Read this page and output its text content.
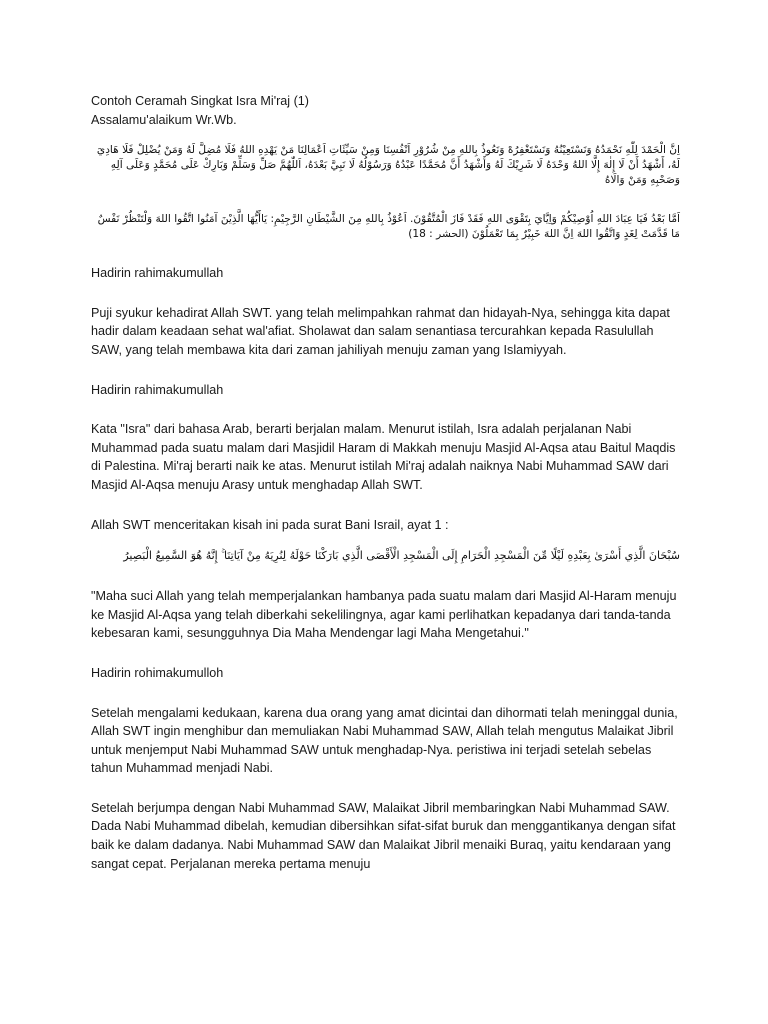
Contoh Ceramah Singkat Isra Mi'raj (1)

Assalamu'alaikum Wr.Wb.

اِنَّ الْحَمْدَ لِلّٰهِ نَحْمَدُهُ وَنَسْتَعِيْنُهُ وَنَسْتَغْفِرُهْ وَنَعُوذُ بِاللهِ مِنْ شُرُوْرِ اَنْفُسِنَا وَمِنْ سَيِّئَاتِ اَعْمَالِنَا مَنْ يَهْدِهِ اللهُ فَلَا مُضِلَّ لَهُ وَمَنْ يُضْلِلْ فَلَا هَادِيَ لَهُ، أَشْهَدُ أَنْ لَا إِلٰهَ إِلَّا اللهُ وَحْدَهُ لَا شَرِيْكَ لَهُ وَأَشْهَدُ أَنَّ مُحَمَّدًا عَبْدُهُ وَرَسُوْلُهُ لَا نَبِيَّ بَعْدَهُ، اَللّٰهُمَّ صَلِّ وَسَلِّمْ وَبَارِكْ عَلَى مُحَمَّدٍ وَعَلَى آلِهِ وَصَحْبِهِ وَمَنْ وَالَاهُ

اَمَّا بَعْدُ فَيَا عِبَادَ اللهِ اُوْصِيْكُمْ وَاِيَّايَ بِتَقْوَى اللهِ فَقَدْ فَازَ الْمُتَّقُوْنَ. اَعُوْذُ بِاللهِ مِنَ الشَّيْطَانِ الرَّجِيْمِ: يَاأَيُّهَا الَّذِيْنَ آمَنُوا اتَّقُوا اللهَ وَلْتَنْظُرْ نَفْسٌ مَا قَدَّمَتْ لِغَدٍ وَاتَّقُوا اللهَ اِنَّ اللهَ خَبِيْرٌ بِمَا تَعْمَلُوْنَ (الحشر : 18)

Hadirin rahimakumullah

Puji syukur kehadirat Allah SWT. yang telah melimpahkan rahmat dan hidayah-Nya, sehingga kita dapat hadir dalam keadaan sehat wal'afiat. Sholawat dan salam senantiasa tercurahkan kepada Rasulullah SAW, yang telah membawa kita dari zaman jahiliyah menuju zaman yang Islamiyyah.

Hadirin rahimakumullah

Kata "Isra" dari bahasa Arab, berarti berjalan malam. Menurut istilah, Isra adalah perjalanan Nabi Muhammad pada suatu malam dari Masjidil Haram di Makkah menuju Masjid Al-Aqsa atau Baitul Maqdis di Palestina. Mi'raj berarti naik ke atas. Menurut istilah Mi'raj adalah naiknya Nabi Muhammad SAW dari Masjid Al-Aqsa menuju Arasy untuk menghadap Allah SWT.

Allah SWT menceritakan kisah ini pada surat Bani Israil, ayat 1 :

سُبْحَانَ الَّذِي أَسْرَىٰ بِعَبْدِهِ لَيْلًا مِّنَ الْمَسْجِدِ الْحَرَامِ إِلَى الْمَسْجِدِ الْأَقْصَى الَّذِي بَارَكْنَا حَوْلَهُ لِنُرِيَهُ مِنْ آيَاتِنَا ۚ إِنَّهُ هُوَ السَّمِيعُ الْبَصِيرُ

"Maha suci Allah yang telah memperjalankan hambanya pada suatu malam dari Masjid Al-Haram menuju ke Masjid Al-Aqsa yang telah diberkahi sekelilingnya, agar kami perlihatkan kepadanya dari tanda-tanda kebesaran kami, sesungguhnya Dia Maha Mendengar lagi Maha Mengetahui."

Hadirin rohimakumulloh

Setelah mengalami kedukaan, karena dua orang yang amat dicintai dan dihormati telah meninggal dunia, Allah SWT ingin menghibur dan memuliakan Nabi Muhammad SAW, Allah telah mengutus Malaikat Jibril untuk menjemput Nabi Muhammad SAW untuk menghadap-Nya. peristiwa ini terjadi setelah sebelas tahun Muhammad menjadi Nabi.

Setelah berjumpa dengan Nabi Muhammad SAW, Malaikat Jibril membaringkan Nabi Muhammad SAW. Dada Nabi Muhammad dibelah, kemudian dibersihkan sifat-sifat buruk dan menggantikanya dengan sifat baik ke dalam dadanya. Nabi Muhammad SAW dan Malaikat Jibril menaiki Buraq, yaitu kendaraan yang sangat cepat. Perjalanan mereka pertama menuju
